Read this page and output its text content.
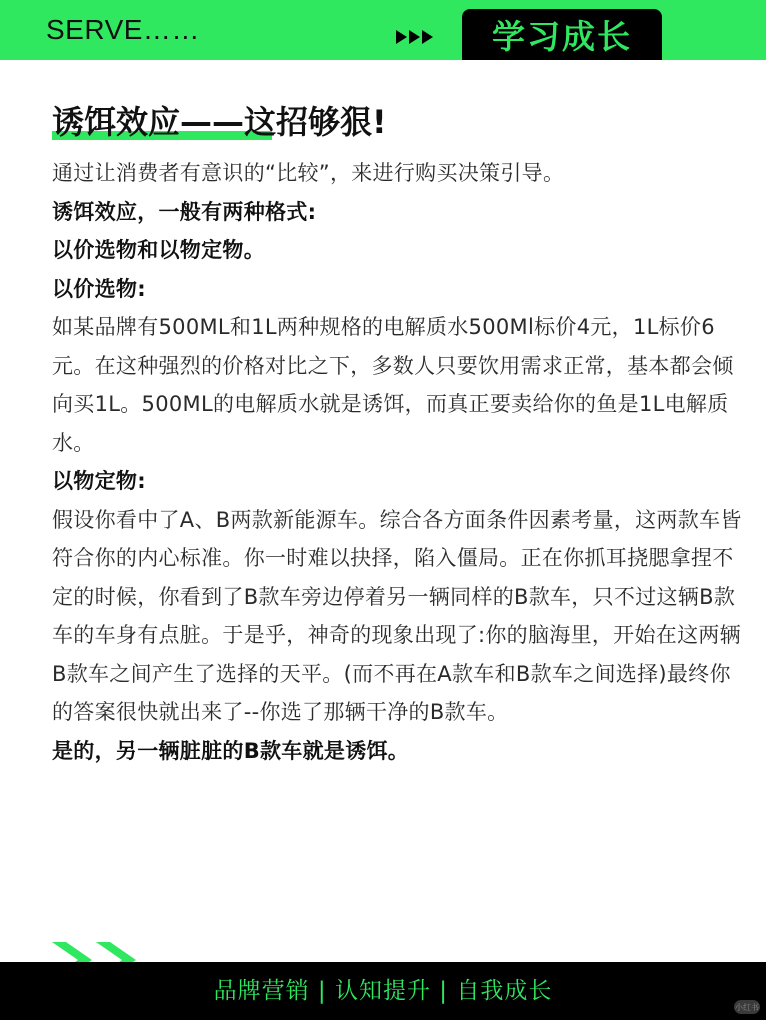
SERVE……	学习成长
诱饵效应——这招够狠!

通过让消费者有意识的“比较”，来进行购买决策引导。

诱饵效应，一般有两种格式:

以价选物和以物定物。

以价选物:

如某品牌有500ML和1L两种规格的电解质水500Ml标价4元，1L标价6元。在这种强烈的价格对比之下，多数人只要饮用需求正常，基本都会倾向买1L。500ML的电解质水就是诱饵，而真正要卖给你的鱼是1L电解质水。

以物定物:

假设你看中了A、B两款新能源车。综合各方面条件因素考量，这两款车皆符合你的内心标准。你一时难以抉择，陷入僵局。正在你抓耳挠腮拿捏不定的时候，你看到了B款车旁边停着另一辆同样的B款车，只不过这辆B款车的车身有点脏。于是乎，神奇的现象出现了:你的脑海里，开始在这两辆B款车之间产生了选择的天平。(而不再在A款车和B款车之间选择)最终你的答案很快就出来了--你选了那辆干净的B款车。

是的，另一辆脏脏的B款车就是诱饵。

品牌营销 | 认知提升 | 自我成长
小红书
